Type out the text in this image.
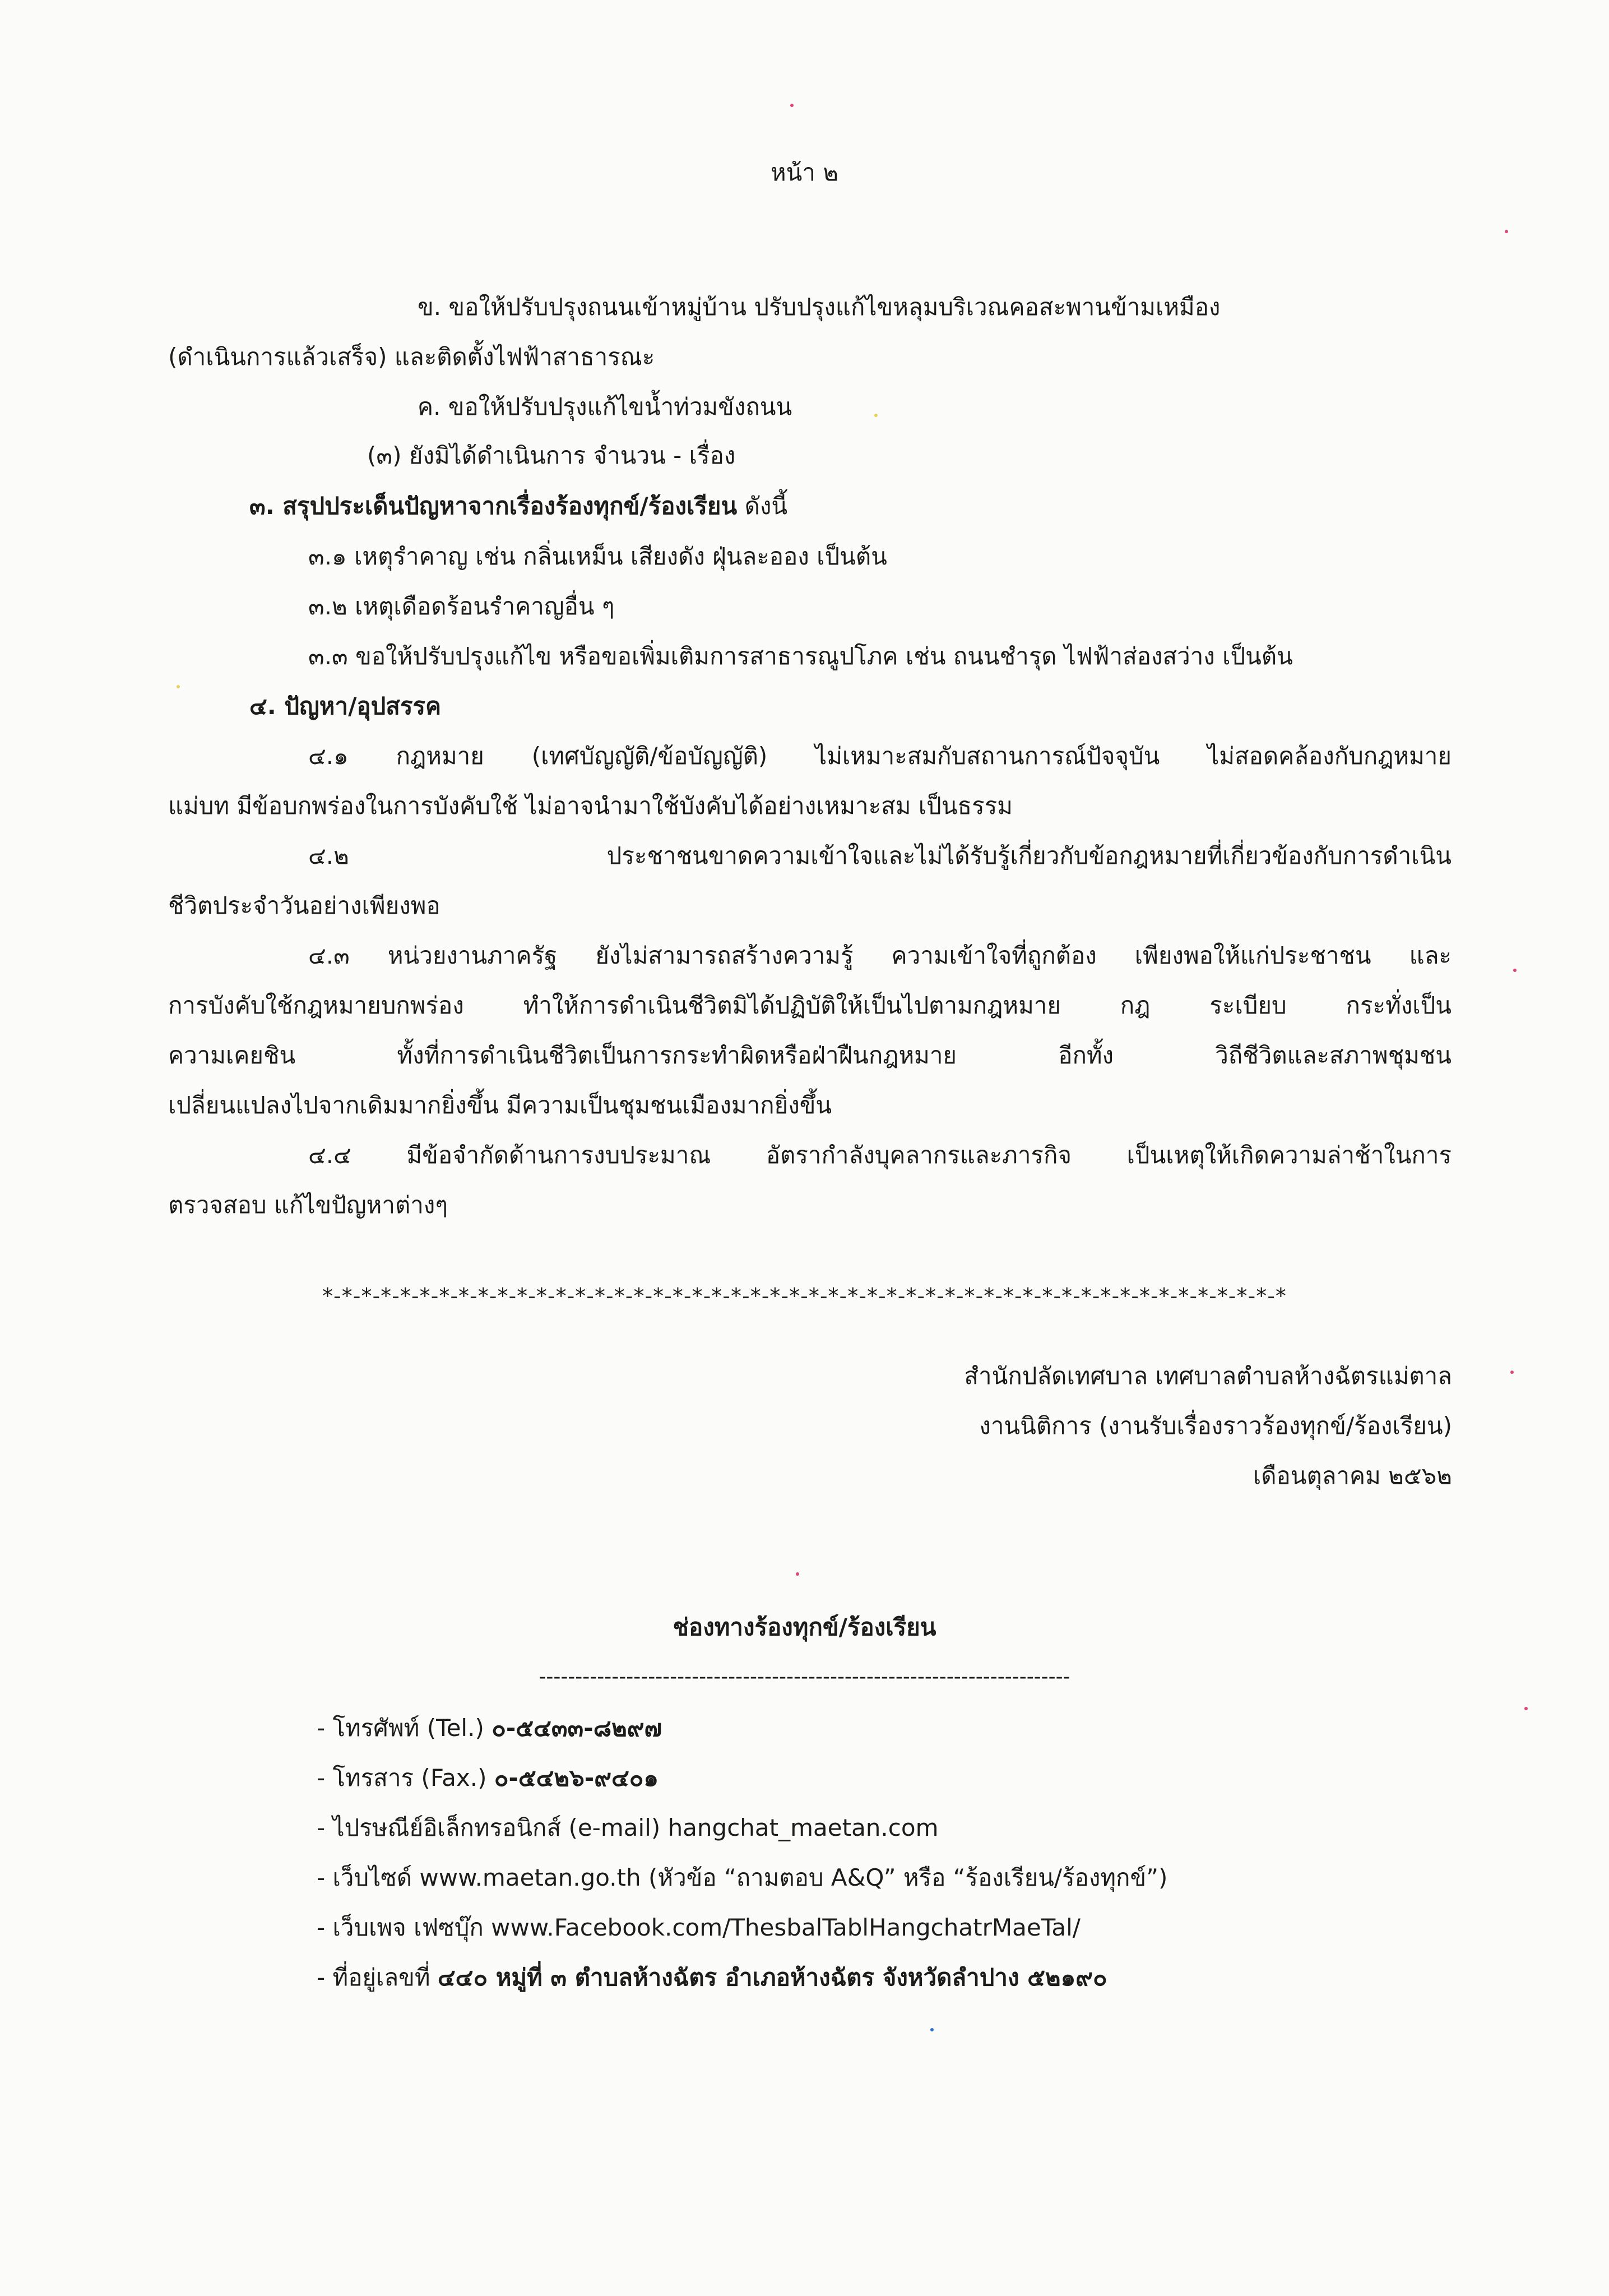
หน้า ๒
ข. ขอให้ปรับปรุงถนนเข้าหมู่บ้าน ปรับปรุงแก้ไขหลุมบริเวณคอสะพานข้ามเหมือง
(ดำเนินการแล้วเสร็จ) และติดตั้งไฟฟ้าสาธารณะ
ค. ขอให้ปรับปรุงแก้ไขน้ำท่วมขังถนน
(๓) ยังมิได้ดำเนินการ จำนวน - เรื่อง
๓. สรุปประเด็นปัญหาจากเรื่องร้องทุกข์/ร้องเรียน ดังนี้
๓.๑ เหตุรำคาญ เช่น กลิ่นเหม็น เสียงดัง ฝุ่นละออง เป็นต้น
๓.๒ เหตุเดือดร้อนรำคาญอื่น ๆ
๓.๓ ขอให้ปรับปรุงแก้ไข หรือขอเพิ่มเติมการสาธารณูปโภค เช่น ถนนชำรุด ไฟฟ้าส่องสว่าง เป็นต้น
๔. ปัญหา/อุปสรรค
๔.๑ กฎหมาย (เทศบัญญัติ/ข้อบัญญัติ) ไม่เหมาะสมกับสถานการณ์ปัจจุบัน ไม่สอดคล้องกับกฎหมาย
แม่บท มีข้อบกพร่องในการบังคับใช้ ไม่อาจนำมาใช้บังคับได้อย่างเหมาะสม เป็นธรรม
๔.๒ ประชาชนขาดความเข้าใจและไม่ได้รับรู้เกี่ยวกับข้อกฎหมายที่เกี่ยวข้องกับการดำเนิน
ชีวิตประจำวันอย่างเพียงพอ
๔.๓ หน่วยงานภาครัฐ ยังไม่สามารถสร้างความรู้ ความเข้าใจที่ถูกต้อง เพียงพอให้แก่ประชาชน และ
การบังคับใช้กฎหมายบกพร่อง ทำให้การดำเนินชีวิตมิได้ปฏิบัติให้เป็นไปตามกฎหมาย กฎ ระเบียบ กระทั่งเป็น
ความเคยชิน ทั้งที่การดำเนินชีวิตเป็นการกระทำผิดหรือฝ่าฝืนกฎหมาย อีกทั้ง วิถีชีวิตและสภาพชุมชน
เปลี่ยนแปลงไปจากเดิมมากยิ่งขึ้น มีความเป็นชุมชนเมืองมากยิ่งขึ้น
๔.๔ มีข้อจำกัดด้านการงบประมาณ อัตรากำลังบุคลากรและภารกิจ เป็นเหตุให้เกิดความล่าช้าในการ
ตรวจสอบ แก้ไขปัญหาต่างๆ
*-*-*-*-*-*-*-*-*-*-*-*-*-*-*-*-*-*-*-*-*-*-*-*-*-*-*-*-*-*-*-*-*-*-*-*-*-*-*-*-*-*-*-*-*-*-*-*-*-*
สำนักปลัดเทศบาล เทศบาลตำบลห้างฉัตรแม่ตาล
งานนิติการ (งานรับเรื่องราวร้องทุกข์/ร้องเรียน)
เดือนตุลาคม ๒๕๖๒
ช่องทางร้องทุกข์/ร้องเรียน
-------------------------------------------------------------------------
- โทรศัพท์ (Tel.) ๐-๕๔๓๓-๘๒๙๗
- โทรสาร (Fax.) ๐-๕๔๒๖-๙๔๐๑
- ไปรษณีย์อิเล็กทรอนิกส์ (e-mail) hangchat_maetan.com
- เว็บไซด์ www.maetan.go.th (หัวข้อ “ถามตอบ A&Q” หรือ “ร้องเรียน/ร้องทุกข์”)
- เว็บเพจ เฟซบุ๊ก www.Facebook.com/ThesbalTablHangchatrMaeTal/
- ที่อยู่เลขที่ ๔๔๐ หมู่ที่ ๓ ตำบลห้างฉัตร อำเภอห้างฉัตร จังหวัดลำปาง ๕๒๑๙๐
